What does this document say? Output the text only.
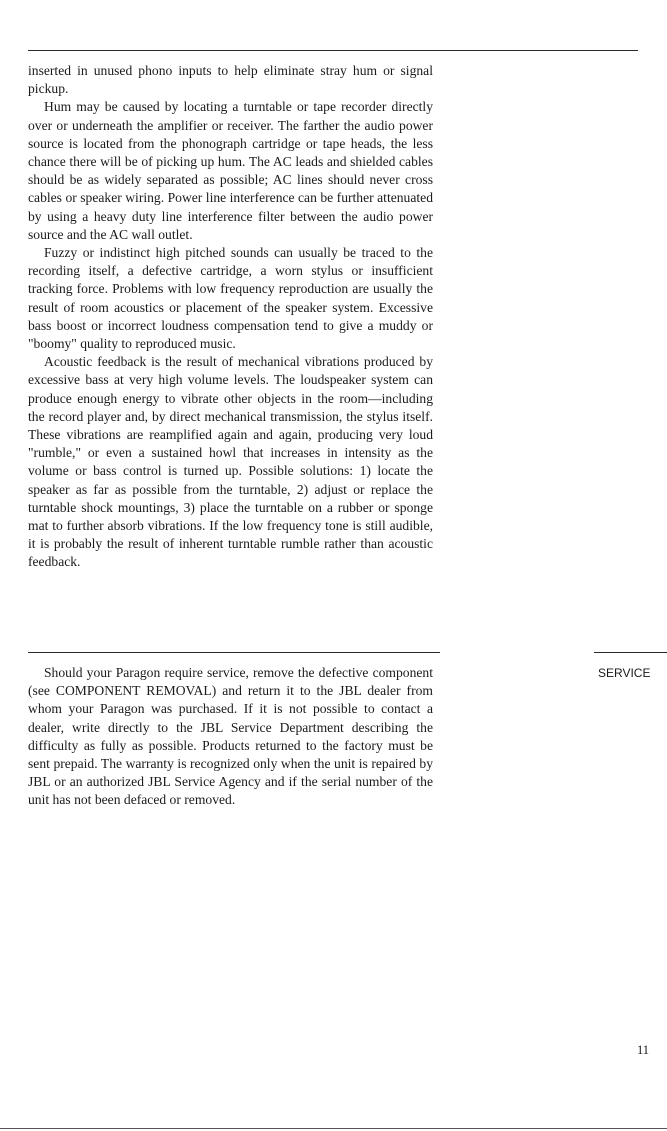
inserted in unused phono inputs to help eliminate stray hum or signal pickup.

Hum may be caused by locating a turntable or tape recorder directly over or underneath the amplifier or receiver. The farther the audio power source is located from the phonograph cartridge or tape heads, the less chance there will be of picking up hum. The AC leads and shielded cables should be as widely separated as possible; AC lines should never cross cables or speaker wiring. Power line interference can be further attenuated by using a heavy duty line interference filter between the audio power source and the AC wall outlet.

Fuzzy or indistinct high pitched sounds can usually be traced to the recording itself, a defective cartridge, a worn stylus or insufficient tracking force. Problems with low frequency reproduction are usually the result of room acoustics or placement of the speaker system. Excessive bass boost or incorrect loudness compensation tend to give a muddy or "boomy" quality to reproduced music.

Acoustic feedback is the result of mechanical vibrations produced by excessive bass at very high volume levels. The loudspeaker system can produce enough energy to vibrate other objects in the room—including the record player and, by direct mechanical transmission, the stylus itself. These vibrations are reamplified again and again, producing very loud "rumble," or even a sustained howl that increases in intensity as the volume or bass control is turned up. Possible solutions: 1) locate the speaker as far as possible from the turntable, 2) adjust or replace the turntable shock mountings, 3) place the turntable on a rubber or sponge mat to further absorb vibrations. If the low frequency tone is still audible, it is probably the result of inherent turntable rumble rather than acoustic feedback.

Should your Paragon require service, remove the defective component (see COMPONENT REMOVAL) and return it to the JBL dealer from whom your Paragon was purchased. If it is not possible to contact a dealer, write directly to the JBL Service Department describing the difficulty as fully as possible. Products returned to the factory must be sent prepaid. The warranty is recognized only when the unit is repaired by JBL or an authorized JBL Service Agency and if the serial number of the unit has not been defaced or removed.

SERVICE
11
